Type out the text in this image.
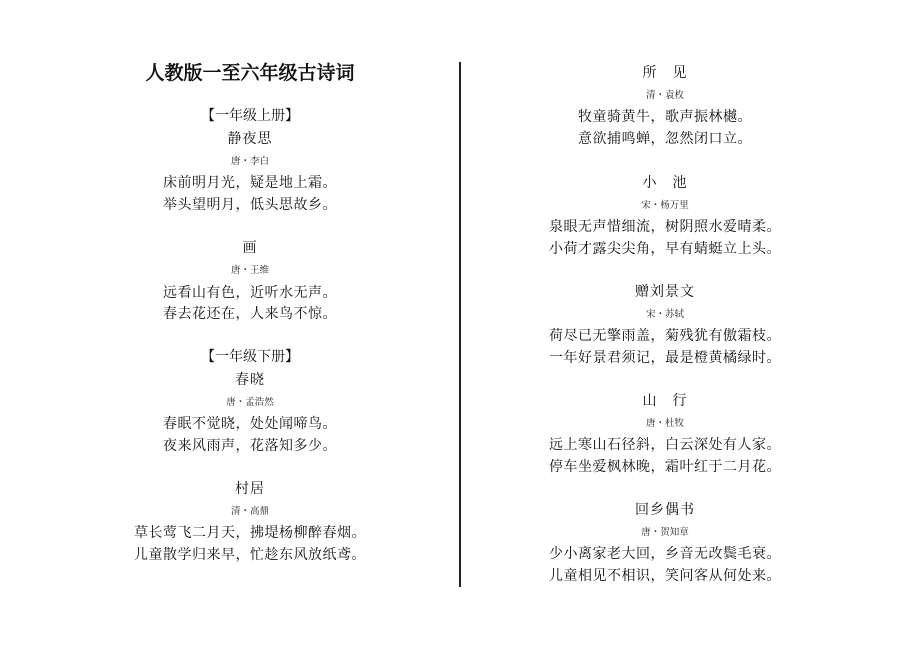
人教版一至六年级古诗词
【一年级上册】
静夜思
唐・李白
床前明月光，疑是地上霜。
举头望明月，低头思故乡。
画
唐・王维
远看山有色，近听水无声。
春去花还在，人来鸟不惊。
【一年级下册】
春晓
唐・孟浩然
春眠不觉晓，处处闻啼鸟。
夜来风雨声，花落知多少。
村居
清・高鼎
草长莺飞二月天，拂堤杨柳醉春烟。
儿童散学归来早，忙趁东风放纸鸢。
所　见
清・袁枚
牧童骑黄牛，歌声振林樾。
意欲捕鸣蝉，忽然闭口立。
小　池
宋・杨万里
泉眼无声惜细流，树阴照水爱晴柔。
小荷才露尖尖角，早有蜻蜓立上头。
赠刘景文
宋・苏轼
荷尽已无擎雨盖，菊残犹有傲霜枝。
一年好景君须记，最是橙黄橘绿时。
山　行
唐・杜牧
远上寒山石径斜，白云深处有人家。
停车坐爱枫林晚，霜叶红于二月花。
回乡偶书
唐・贺知章
少小离家老大回，乡音无改鬓毛衰。
儿童相见不相识，笑问客从何处来。
